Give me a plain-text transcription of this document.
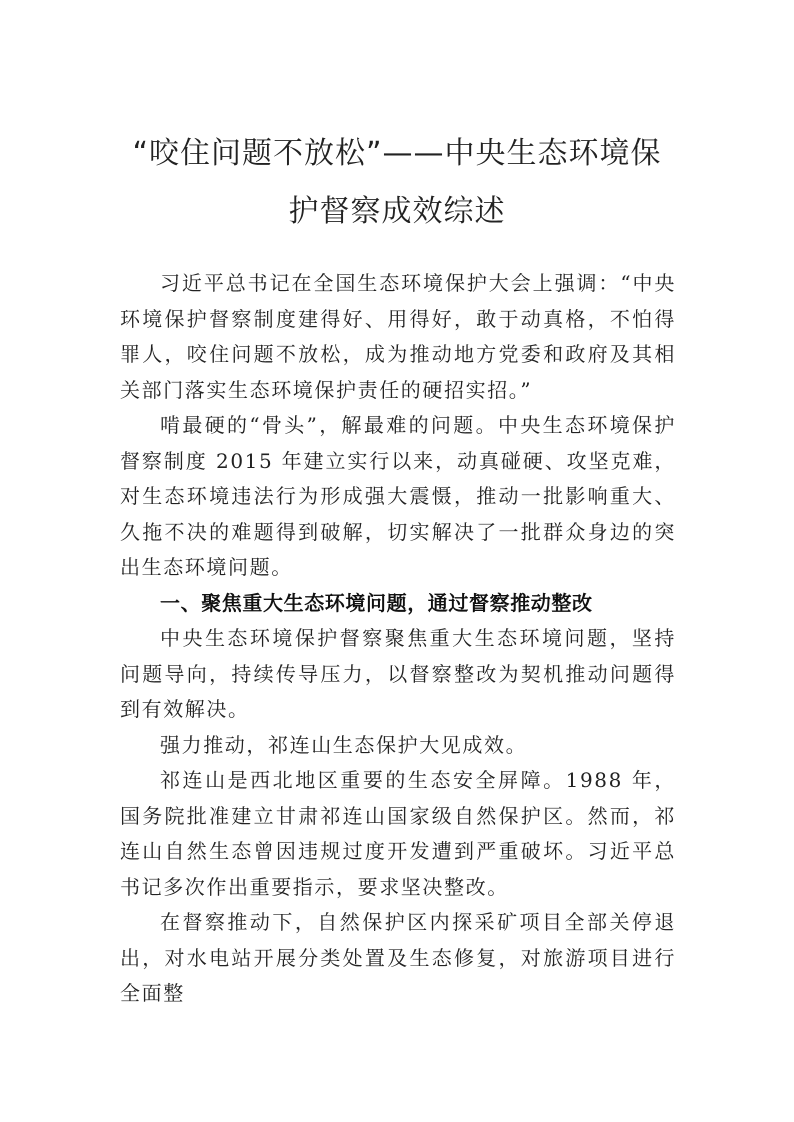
“咬住问题不放松”——中央生态环境保
护督察成效综述

习近平总书记在全国生态环境保护大会上强调：“中央环境保护督察制度建得好、用得好，敢于动真格，不怕得罪人，咬住问题不放松，成为推动地方党委和政府及其相关部门落实生态环境保护责任的硬招实招。”

啃最硬的“骨头”，解最难的问题。中央生态环境保护督察制度 2015 年建立实行以来，动真碰硬、攻坚克难，对生态环境违法行为形成强大震慑，推动一批影响重大、久拖不决的难题得到破解，切实解决了一批群众身边的突出生态环境问题。

一、聚焦重大生态环境问题，通过督察推动整改

中央生态环境保护督察聚焦重大生态环境问题，坚持问题导向，持续传导压力，以督察整改为契机推动问题得到有效解决。

强力推动，祁连山生态保护大见成效。

祁连山是西北地区重要的生态安全屏障。1988 年，国务院批准建立甘肃祁连山国家级自然保护区。然而，祁连山自然生态曾因违规过度开发遭到严重破坏。习近平总书记多次作出重要指示，要求坚决整改。

在督察推动下，自然保护区内探采矿项目全部关停退出，对水电站开展分类处置及生态修复，对旅游项目进行全面整
